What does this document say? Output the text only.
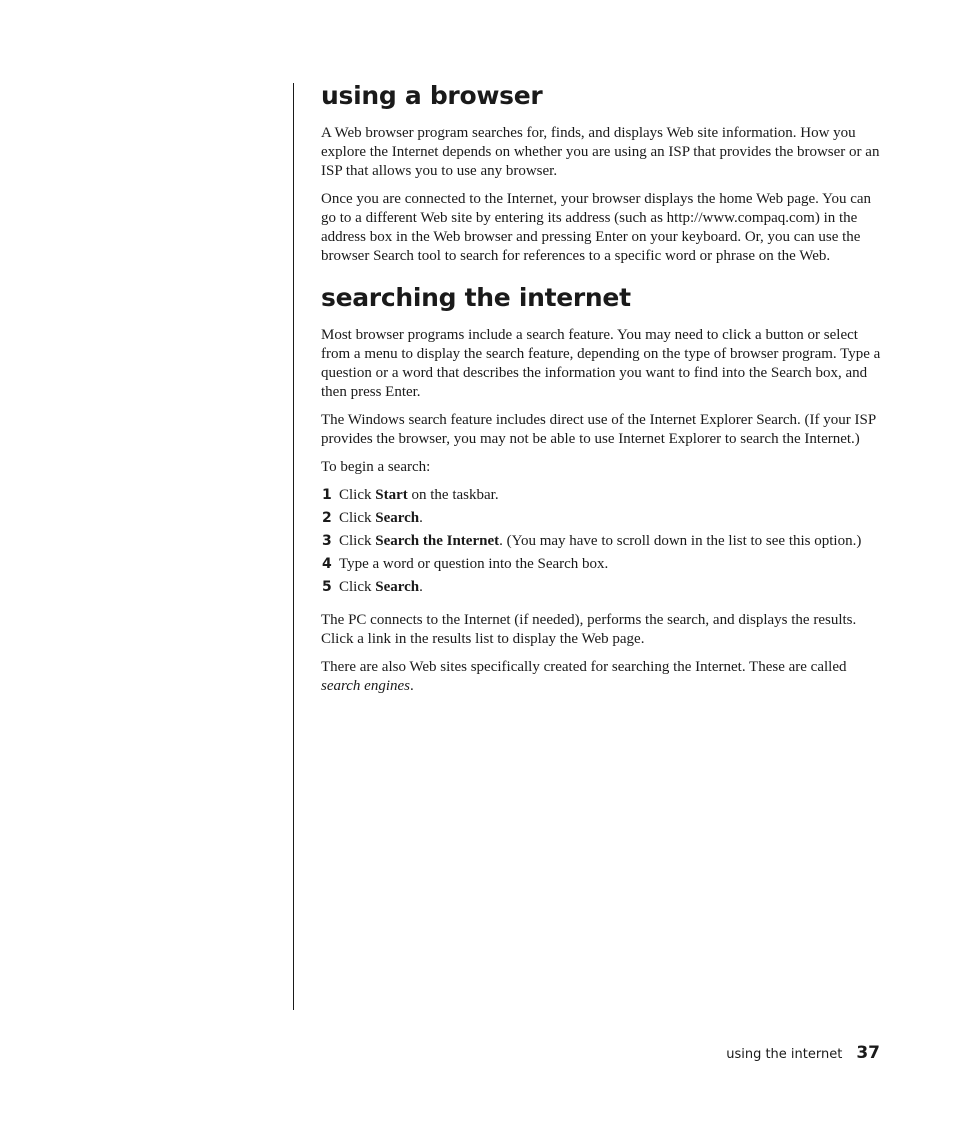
using a browser

A Web browser program searches for, finds, and displays Web site information. How you explore the Internet depends on whether you are using an ISP that provides the browser or an ISP that allows you to use any browser.

Once you are connected to the Internet, your browser displays the home Web page. You can go to a different Web site by entering its address (such as http://www.compaq.com) in the address box in the Web browser and pressing Enter on your keyboard. Or, you can use the browser Search tool to search for references to a specific word or phrase on the Web.

searching the internet

Most browser programs include a search feature. You may need to click a button or select from a menu to display the search feature, depending on the type of browser program. Type a question or a word that describes the information you want to find into the Search box, and then press Enter.

The Windows search feature includes direct use of the Internet Explorer Search. (If your ISP provides the browser, you may not be able to use Internet Explorer to search the Internet.)

To begin a search:

1 Click Start on the taskbar.
2 Click Search.
3 Click Search the Internet. (You may have to scroll down in the list to see this option.)
4 Type a word or question into the Search box.
5 Click Search.

The PC connects to the Internet (if needed), performs the search, and displays the results. Click a link in the results list to display the Web page.

There are also Web sites specifically created for searching the Internet. These are called search engines.

using the internet 37
